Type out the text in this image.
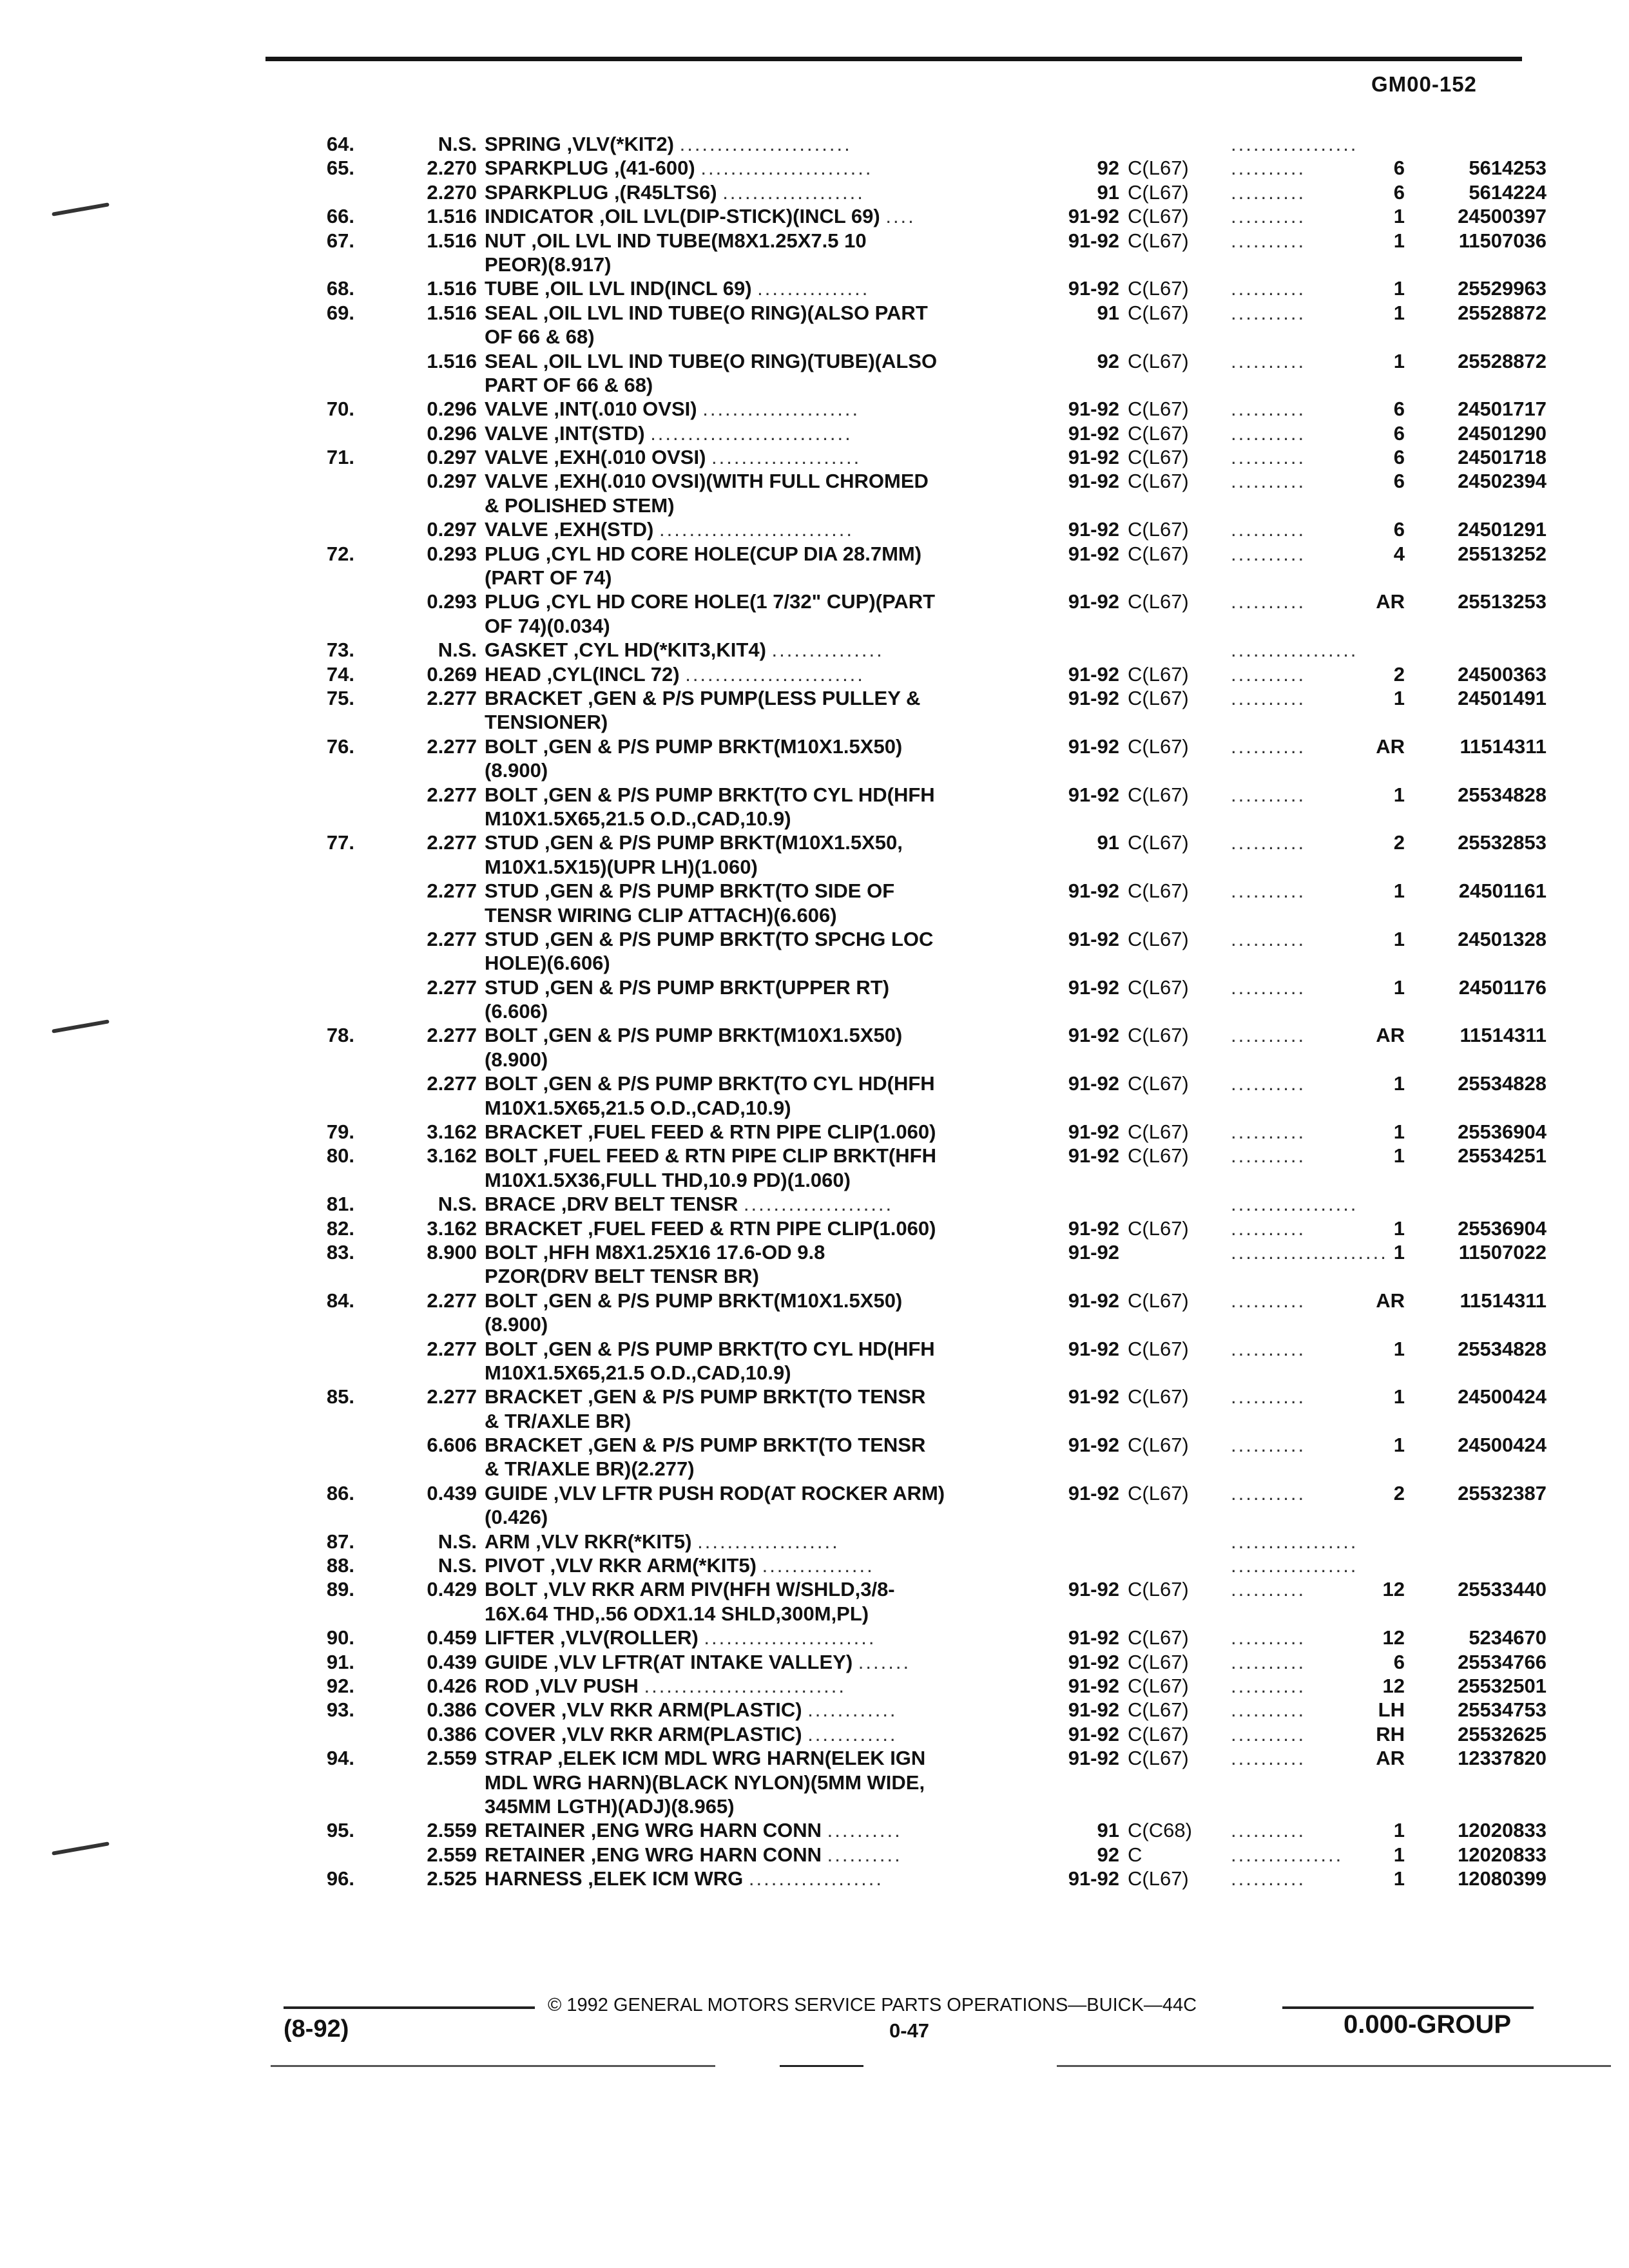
GM00-152
64.	N.S. SPRING ,VLV(*KIT2) .......................	.................
65.	2.270 SPARKPLUG ,(41-600) .......................	92 C(L67)	..........	6	5614253
2.270 SPARKPLUG ,(R45LTS6) ...................	91 C(L67)	..........	6	5614224
66.	1.516 INDICATOR ,OIL LVL(DIP-STICK)(INCL 69) ....	91-92 C(L67)	..........	1	24500397
67.	1.516 NUT ,OIL LVL IND TUBE(M8X1.25X7.5 10	91-92 C(L67)	..........	1	11507036
PEOR)(8.917)
68.	1.516 TUBE ,OIL LVL IND(INCL 69) ...............	91-92 C(L67)	..........	1	25529963
69.	1.516 SEAL ,OIL LVL IND TUBE(O RING)(ALSO PART	91 C(L67)	..........	1	25528872
OF 66 & 68)
1.516 SEAL ,OIL LVL IND TUBE(O RING)(TUBE)(ALSO	92 C(L67)	..........	1	25528872
PART OF 66 & 68)
70.	0.296 VALVE ,INT(.010 OVSI) .....................	91-92 C(L67)	..........	6	24501717
0.296 VALVE ,INT(STD) ...........................	91-92 C(L67)	..........	6	24501290
71.	0.297 VALVE ,EXH(.010 OVSI) ....................	91-92 C(L67)	..........	6	24501718
0.297 VALVE ,EXH(.010 OVSI)(WITH FULL CHROMED	91-92 C(L67)	..........	6	24502394
& POLISHED STEM)
0.297 VALVE ,EXH(STD) ..........................	91-92 C(L67)	..........	6	24501291
72.	0.293 PLUG ,CYL HD CORE HOLE(CUP DIA 28.7MM)	91-92 C(L67)	..........	4	25513252
(PART OF 74)
0.293 PLUG ,CYL HD CORE HOLE(1 7/32" CUP)(PART	91-92 C(L67)	..........	AR	25513253
OF 74)(0.034)
73.	N.S. GASKET ,CYL HD(*KIT3,KIT4) ...............	.................
74.	0.269 HEAD ,CYL(INCL 72) ........................	91-92 C(L67)	..........	2	24500363
75.	2.277 BRACKET ,GEN & P/S PUMP(LESS PULLEY &	91-92 C(L67)	..........	1	24501491
TENSIONER)
76.	2.277 BOLT ,GEN & P/S PUMP BRKT(M10X1.5X50)	91-92 C(L67)	..........	AR	11514311
(8.900)
2.277 BOLT ,GEN & P/S PUMP BRKT(TO CYL HD(HFH	91-92 C(L67)	..........	1	25534828
M10X1.5X65,21.5 O.D.,CAD,10.9)
77.	2.277 STUD ,GEN & P/S PUMP BRKT(M10X1.5X50,	91 C(L67)	..........	2	25532853
M10X1.5X15)(UPR LH)(1.060)
2.277 STUD ,GEN & P/S PUMP BRKT(TO SIDE OF	91-92 C(L67)	..........	1	24501161
TENSR WIRING CLIP ATTACH)(6.606)
2.277 STUD ,GEN & P/S PUMP BRKT(TO SPCHG LOC	91-92 C(L67)	..........	1	24501328
HOLE)(6.606)
2.277 STUD ,GEN & P/S PUMP BRKT(UPPER RT)	91-92 C(L67)	..........	1	24501176
(6.606)
78.	2.277 BOLT ,GEN & P/S PUMP BRKT(M10X1.5X50)	91-92 C(L67)	..........	AR	11514311
(8.900)
2.277 BOLT ,GEN & P/S PUMP BRKT(TO CYL HD(HFH	91-92 C(L67)	..........	1	25534828
M10X1.5X65,21.5 O.D.,CAD,10.9)
79.	3.162 BRACKET ,FUEL FEED & RTN PIPE CLIP(1.060)	91-92 C(L67)	..........	1	25536904
80.	3.162 BOLT ,FUEL FEED & RTN PIPE CLIP BRKT(HFH	91-92 C(L67)	..........	1	25534251
M10X1.5X36,FULL THD,10.9 PD)(1.060)
81.	N.S. BRACE ,DRV BELT TENSR ....................	.................
82.	3.162 BRACKET ,FUEL FEED & RTN PIPE CLIP(1.060)	91-92 C(L67)	..........	1	25536904
83.	8.900 BOLT ,HFH M8X1.25X16 17.6-OD 9.8	91-92	..................... 1	11507022
PZOR(DRV BELT TENSR BR)
84.	2.277 BOLT ,GEN & P/S PUMP BRKT(M10X1.5X50)	91-92 C(L67)	..........	AR	11514311
(8.900)
2.277 BOLT ,GEN & P/S PUMP BRKT(TO CYL HD(HFH	91-92 C(L67)	..........	1	25534828
M10X1.5X65,21.5 O.D.,CAD,10.9)
85.	2.277 BRACKET ,GEN & P/S PUMP BRKT(TO TENSR	91-92 C(L67)	..........	1	24500424
& TR/AXLE BR)
6.606 BRACKET ,GEN & P/S PUMP BRKT(TO TENSR	91-92 C(L67)	..........	1	24500424
& TR/AXLE BR)(2.277)
86.	0.439 GUIDE ,VLV LFTR PUSH ROD(AT ROCKER ARM)	91-92 C(L67)	..........	2	25532387
(0.426)
87.	N.S. ARM ,VLV RKR(*KIT5) ...................	.................
88.	N.S. PIVOT ,VLV RKR ARM(*KIT5) ...............	.................
89.	0.429 BOLT ,VLV RKR ARM PIV(HFH W/SHLD,3/8-	91-92 C(L67)	..........	12	25533440
16X.64 THD,.56 ODX1.14 SHLD,300M,PL)
90.	0.459 LIFTER ,VLV(ROLLER) .......................	91-92 C(L67)	..........	12	5234670
91.	0.439 GUIDE ,VLV LFTR(AT INTAKE VALLEY) .......	91-92 C(L67)	..........	6	25534766
92.	0.426 ROD ,VLV PUSH ...........................	91-92 C(L67)	..........	12	25532501
93.	0.386 COVER ,VLV RKR ARM(PLASTIC) ............	91-92 C(L67)	..........	LH	25534753
0.386 COVER ,VLV RKR ARM(PLASTIC) ............	91-92 C(L67)	..........	RH	25532625
94.	2.559 STRAP ,ELEK ICM MDL WRG HARN(ELEK IGN	91-92 C(L67)	..........	AR	12337820
MDL WRG HARN)(BLACK NYLON)(5MM WIDE,
345MM LGTH)(ADJ)(8.965)
95.	2.559 RETAINER ,ENG WRG HARN CONN ..........	91 C(C68)	..........	1	12020833
2.559 RETAINER ,ENG WRG HARN CONN ..........	92 C	...............	1	12020833
96.	2.525 HARNESS ,ELEK ICM WRG ..................	91-92 C(L67)	..........	1	12080399
© 1992 GENERAL MOTORS SERVICE PARTS OPERATIONS—BUICK—44C
(8-92)	0-47	0.000-GROUP
